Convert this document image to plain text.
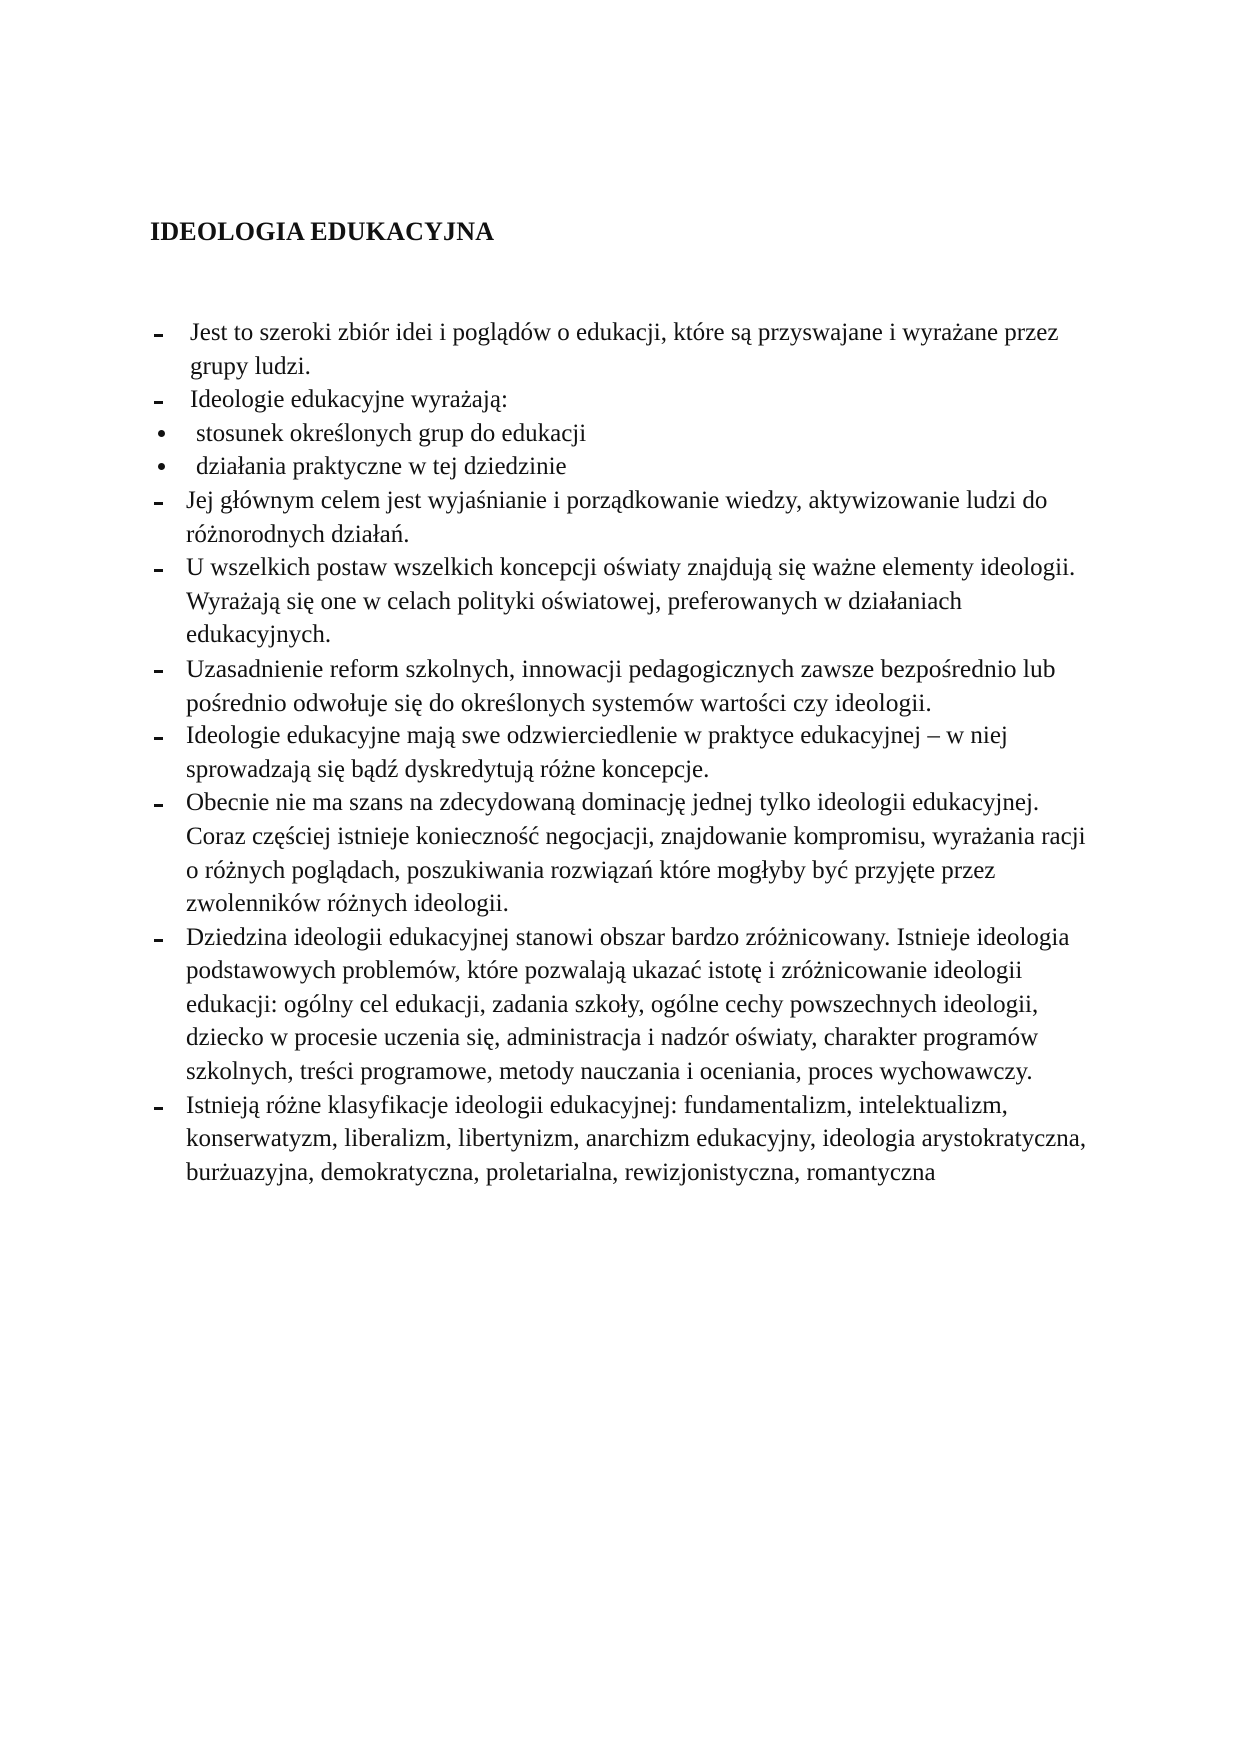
IDEOLOGIA EDUKACYJNA
Jest to szeroki zbiór idei i poglądów o edukacji, które są przyswajane i wyrażane przez grupy ludzi.
Ideologie edukacyjne wyrażają:
stosunek określonych grup do edukacji
działania praktyczne w tej dziedzinie
Jej głównym celem jest wyjaśnianie i porządkowanie wiedzy, aktywizowanie ludzi do różnorodnych działań.
U wszelkich postaw wszelkich koncepcji oświaty znajdują się ważne elementy ideologii. Wyrażają się one w celach polityki oświatowej, preferowanych w działaniach edukacyjnych.
Uzasadnienie reform szkolnych, innowacji pedagogicznych zawsze bezpośrednio lub pośrednio odwołuje się do określonych systemów wartości czy ideologii.
Ideologie edukacyjne mają swe odzwierciedlenie w praktyce edukacyjnej – w niej sprowadzają się bądź dyskredytują różne koncepcje.
Obecnie nie ma szans na zdecydowaną dominację jednej tylko ideologii edukacyjnej. Coraz częściej istnieje konieczność negocjacji, znajdowanie kompromisu, wyrażania racji o różnych poglądach, poszukiwania rozwiązań które mogłyby być przyjęte przez zwolenników różnych ideologii.
Dziedzina ideologii edukacyjnej stanowi obszar bardzo zróżnicowany. Istnieje ideologia podstawowych problemów, które pozwalają ukazać istotę i zróżnicowanie ideologii edukacji: ogólny cel edukacji, zadania szkoły, ogólne cechy powszechnych ideologii, dziecko w procesie uczenia się, administracja i nadzór oświaty, charakter programów szkolnych, treści programowe, metody nauczania i oceniania, proces wychowawczy.
Istnieją różne klasyfikacje ideologii edukacyjnej: fundamentalizm, intelektualizm, konserwatyzm, liberalizm, libertynizm, anarchizm edukacyjny, ideologia arystokratyczna, burżuazyjna, demokratyczna, proletarialna, rewizjonistyczna, romantyczna
